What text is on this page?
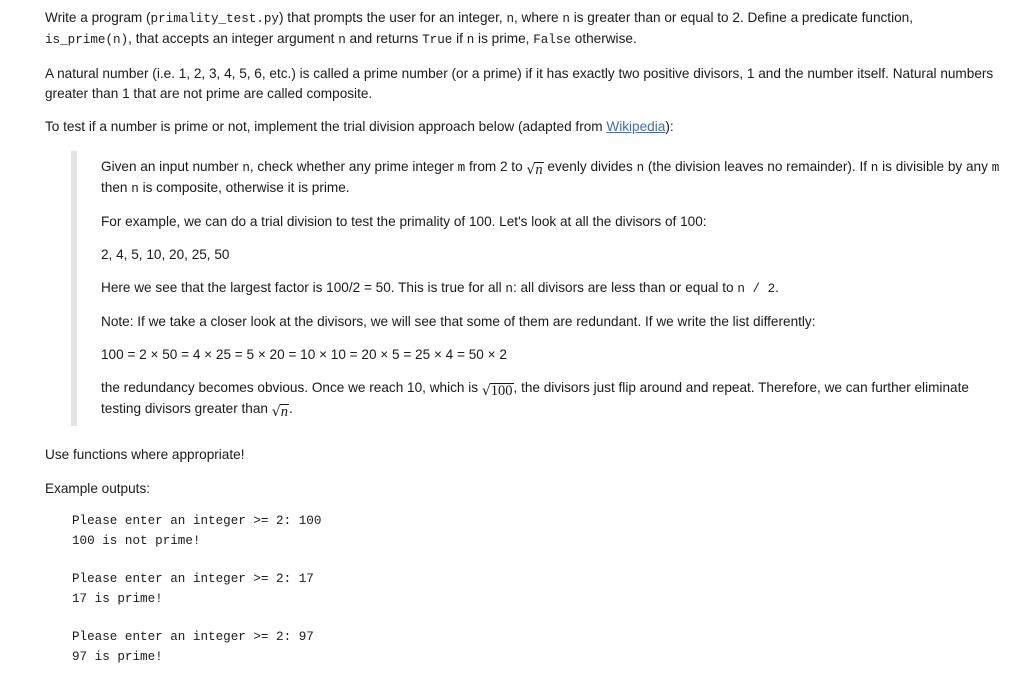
Write a program (primality_test.py) that prompts the user for an integer, n, where n is greater than or equal to 2. Define a predicate function,
is_prime(n), that accepts an integer argument n and returns True if n is prime, False otherwise.

A natural number (i.e. 1, 2, 3, 4, 5, 6, etc.) is called a prime number (or a prime) if it has exactly two positive divisors, 1 and the number itself. Natural numbers greater than 1 that are not prime are called composite.

To test if a number is prime or not, implement the trial division approach below (adapted from Wikipedia):

Given an input number n, check whether any prime integer m from 2 to √ n evenly divides n (the division leaves no remainder). If n is divisible by any m then n is composite, otherwise it is prime.

For example, we can do a trial division to test the primality of 100. Let's look at all the divisors of 100:

2, 4, 5, 10, 20, 25, 50

Here we see that the largest factor is 100/2 = 50. This is true for all n: all divisors are less than or equal to n / 2.

Note: If we take a closer look at the divisors, we will see that some of them are redundant. If we write the list differently:

100 = 2 × 50 = 4 × 25 = 5 × 20 = 10 × 10 = 20 × 5 = 25 × 4 = 50 × 2

the redundancy becomes obvious. Once we reach 10, which is √ 100 , the divisors just flip around and repeat. Therefore, we can further eliminate testing divisors greater than √ n .

Use functions where appropriate!

Example outputs:

Please enter an integer >= 2: 100
100 is not prime!
Please enter an integer >= 2: 17
17 is prime!
Please enter an integer >= 2: 97
97 is prime!
